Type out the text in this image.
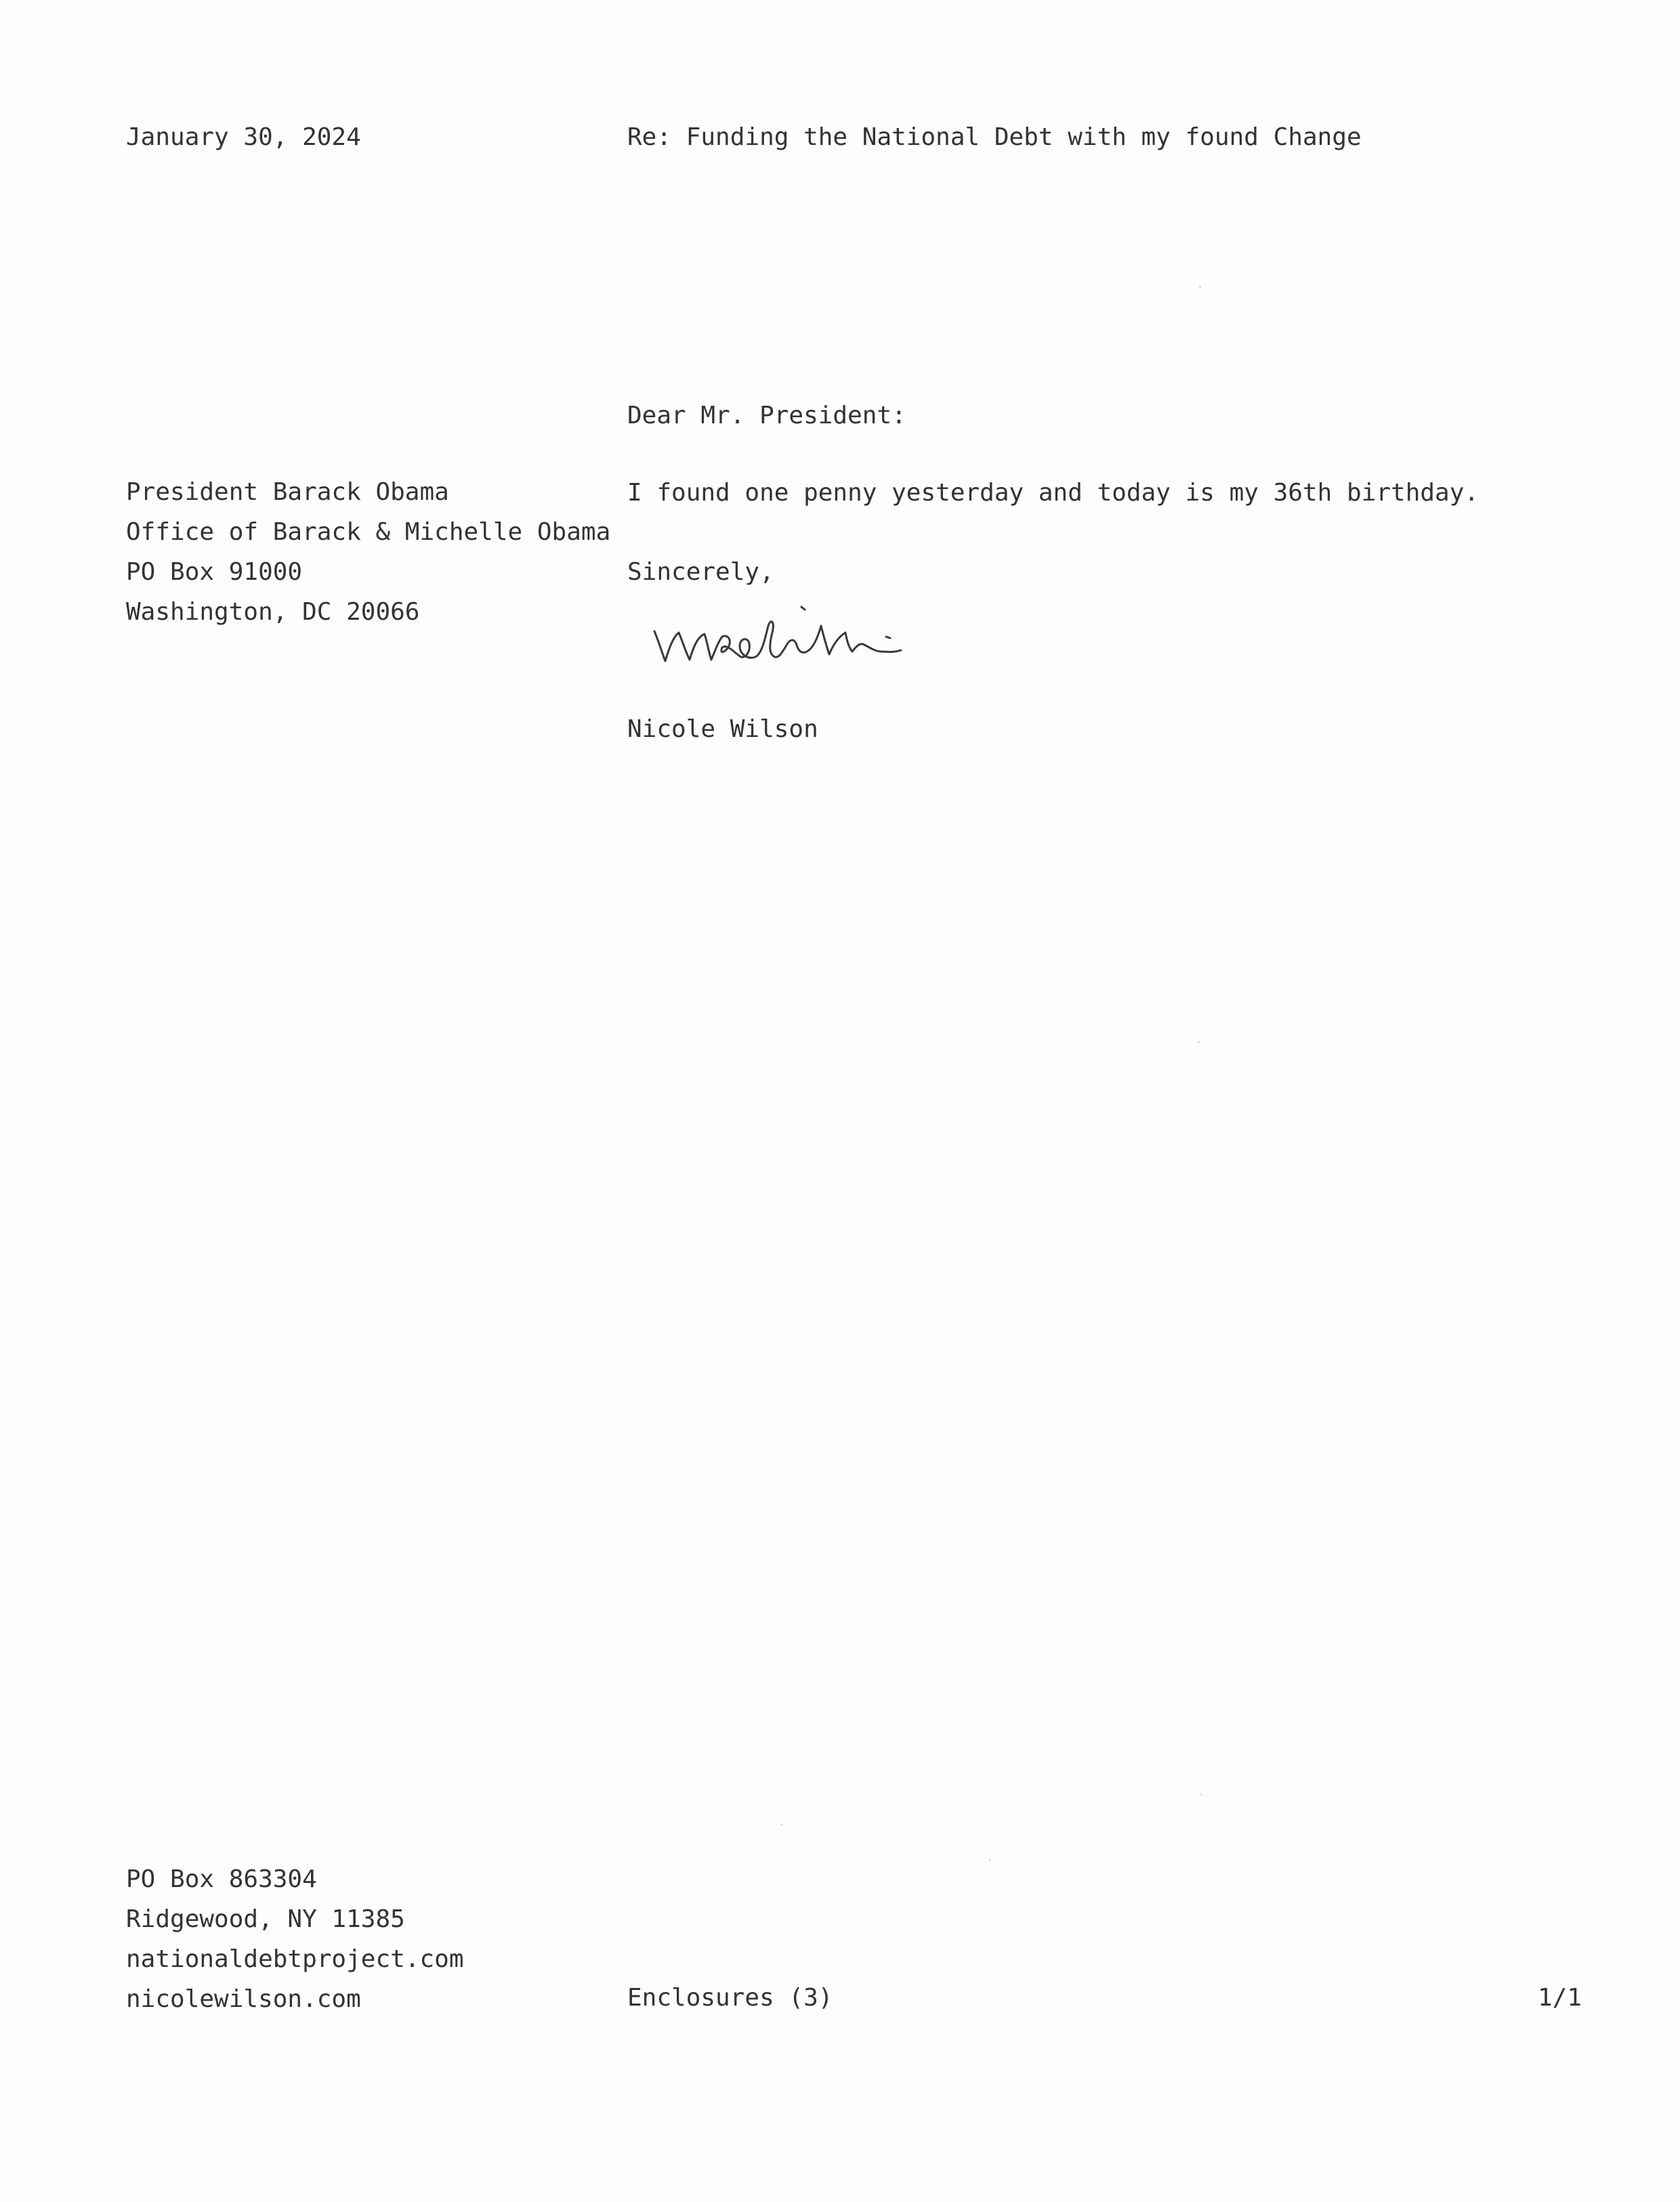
January 30, 2024	Re: Funding the National Debt with my found Change
Dear Mr. President:
President Barack Obama
Office of Barack & Michelle Obama
PO Box 91000
Washington, DC 20066
I found one penny yesterday and today is my 36th birthday.
Sincerely,
Nicole Wilson
PO Box 863304
Ridgewood, NY 11385
nationaldebtproject.com
nicolewilson.com	Enclosures (3)	1/1
